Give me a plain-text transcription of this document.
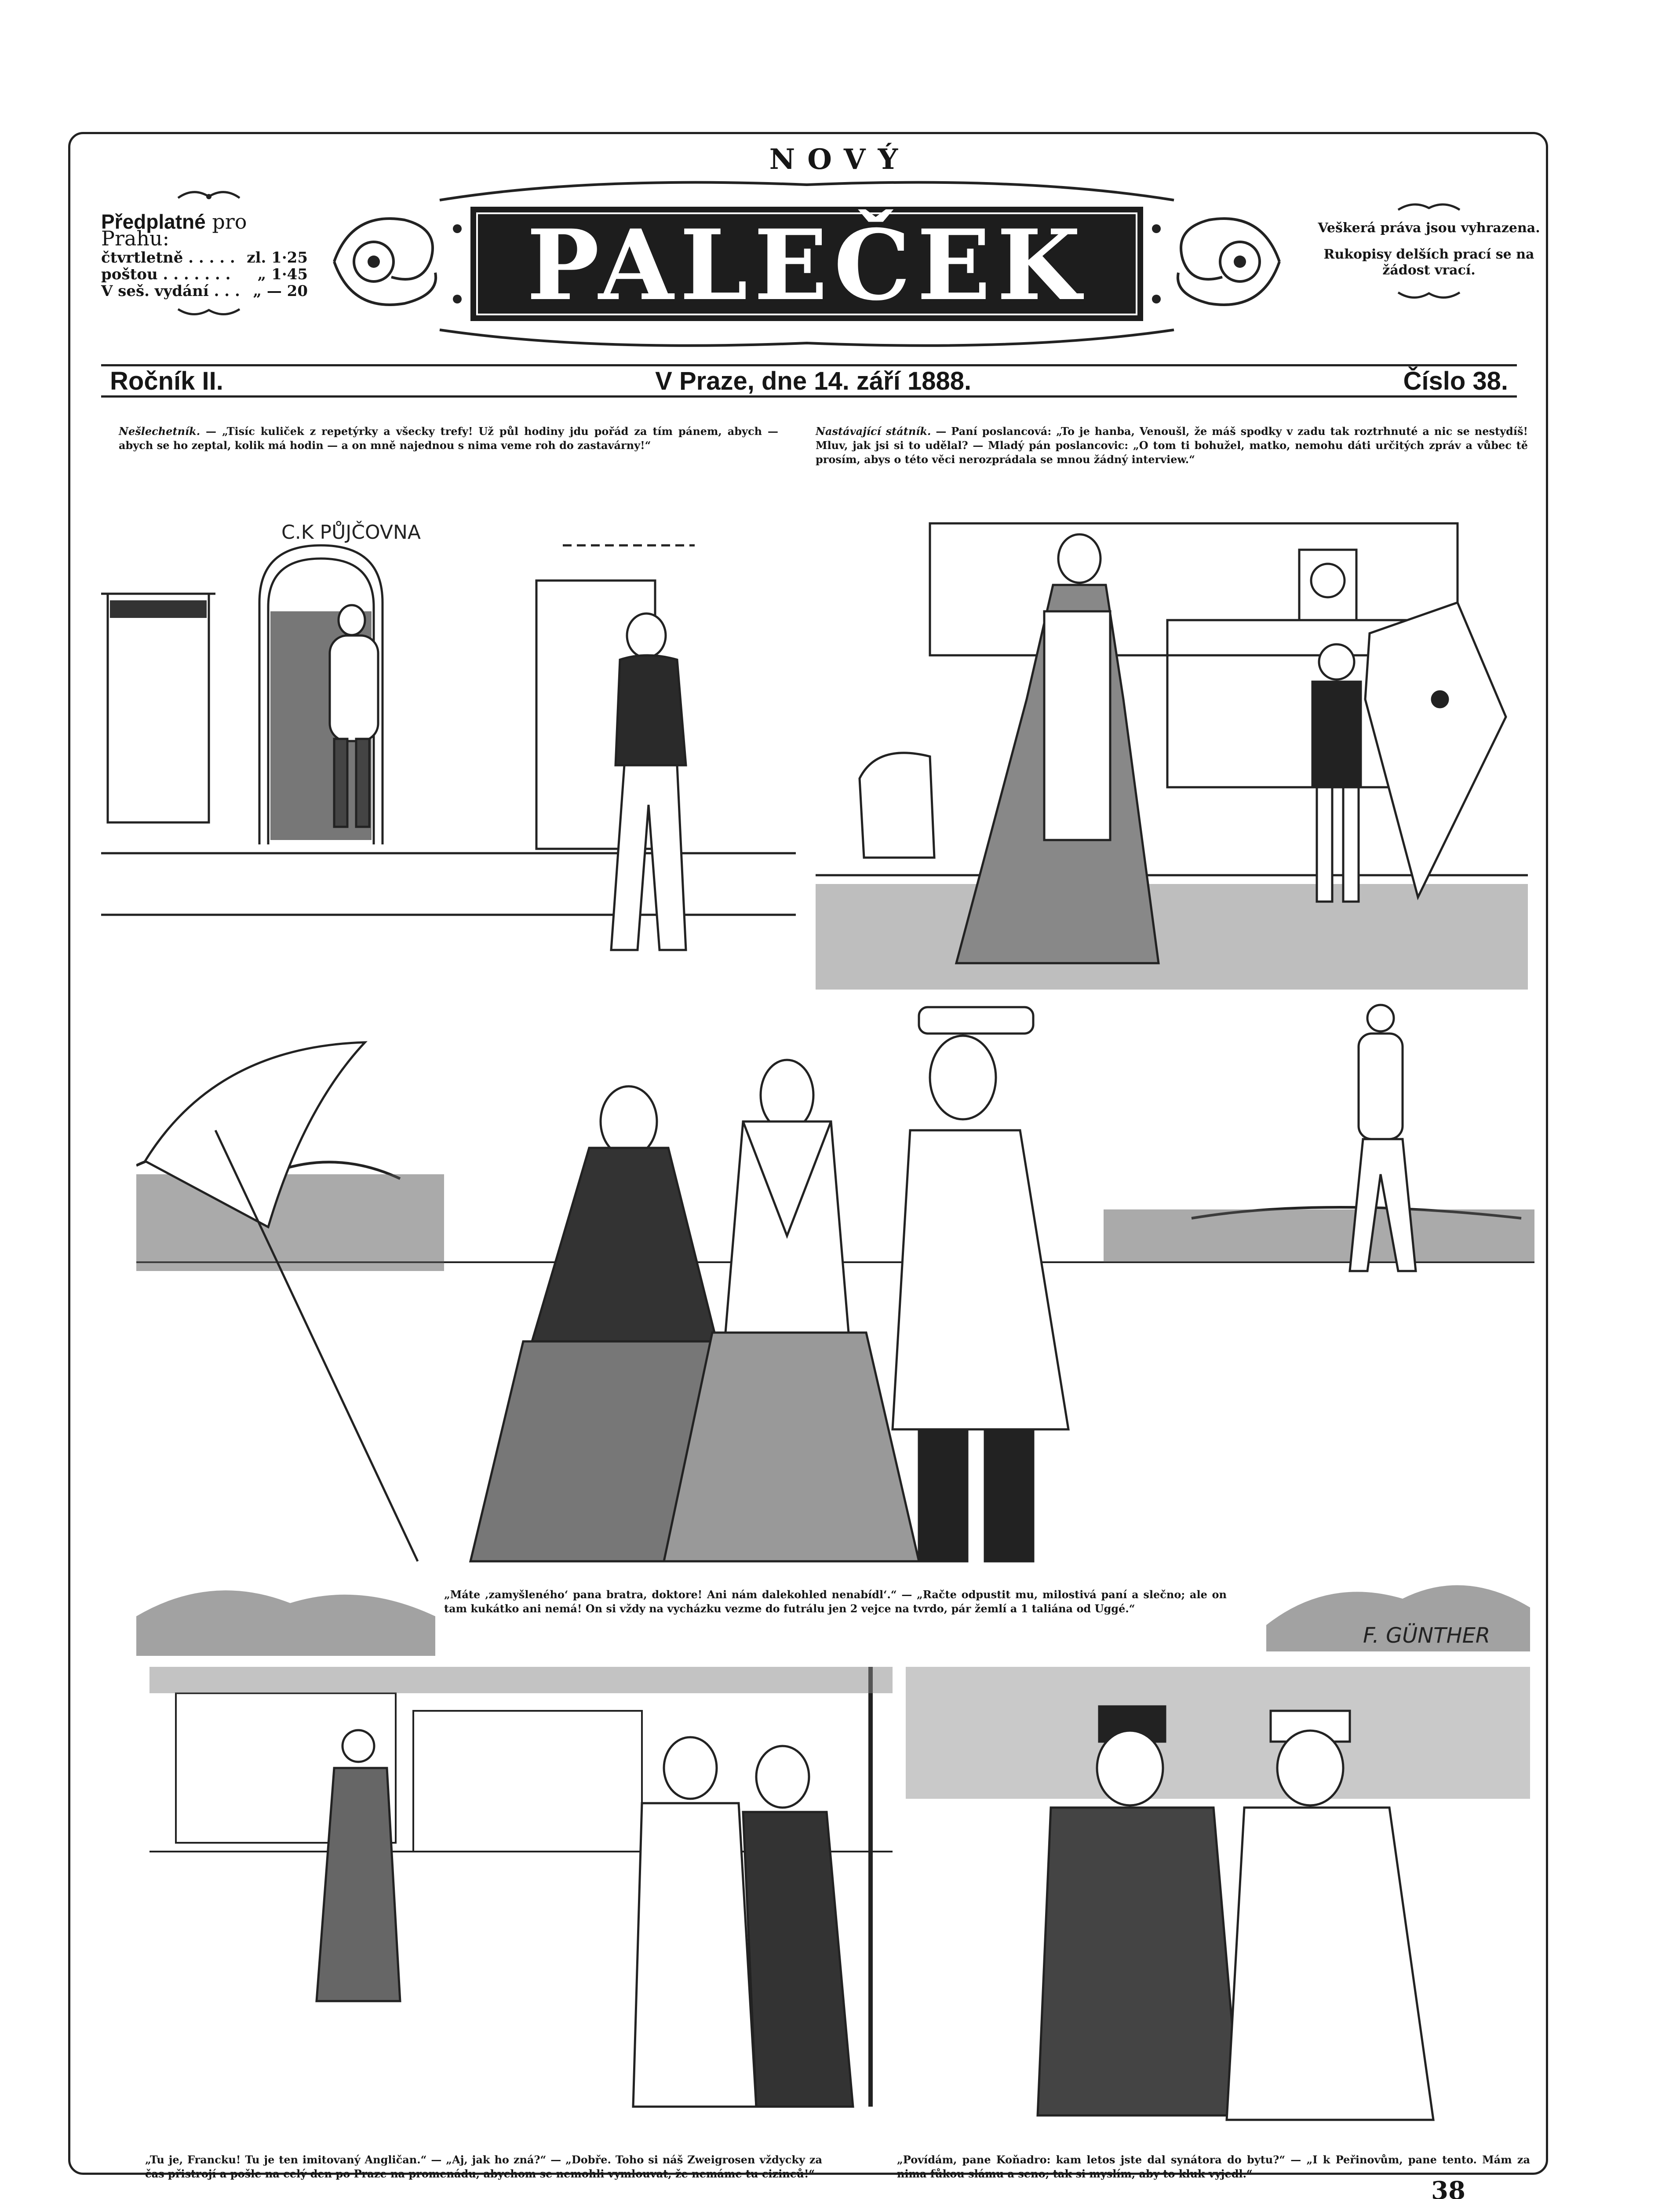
NOVÝ
Předplatné pro Prahu:
čtvrtletně . . . . . zl. 1·25
poštou . . . . . . . „ 1·45
V seš. vydání . . . „ — 20 PALEČEK	Veškerá práva jsou vyhrazena.

Rukopisy delších prací se na žádost vrací.

Ročník II.	V Praze, dne 14. září 1888.	Číslo 38.
Nešlechetník. — „Tisíc kuliček z repetýrky a všecky trefy! Už půl hodiny jdu pořád za tím pánem, abych — abych se ho zeptal, kolik má hodin — a on mně najednou s nima veme roh do zastavárny!“
Nastávající státník. — Paní poslancová: „To je hanba, Venoušl, že máš spodky v zadu tak roztrhnuté a nic se nestydíš! Mluv, jak jsi si to udělal? — Mladý pán poslancovic: „O tom ti bohužel, matko, nemohu dáti určitých zpráv a vůbec tě prosím, abys o této věci nerozprádala se mnou žádný interview.“
C.K PŮJČOVNA
F. GÜNTHER
„Máte ‚zamyšleného‘ pana bratra, doktore! Ani nám dalekohled nenabídl‘.“ — „Račte odpustit mu, milostivá paní a slečno; ale on tam kukátko ani nemá! On si vždy na vycházku vezme do futrálu jen 2 vejce na tvrdo, pár žemlí a 1 taliána od Uggé.“
„Tu je, Francku! Tu je ten imitovaný Angličan.“ — „Aj, jak ho zná?“ — „Dobře. Toho si náš Zweigrosen vždycky za čas přistrojí a pošle na celý den po Praze na promenádu, abychom se nemohli vymlouvat, že nemáme tu cizinců!“
„Povídám, pane Koňadro: kam letos jste dal synátora do bytu?“ — „I k Peřinovům, pane tento. Mám za nima fůkou slámu a seno; tak si myslím, aby to kluk vyjedl.“
38
